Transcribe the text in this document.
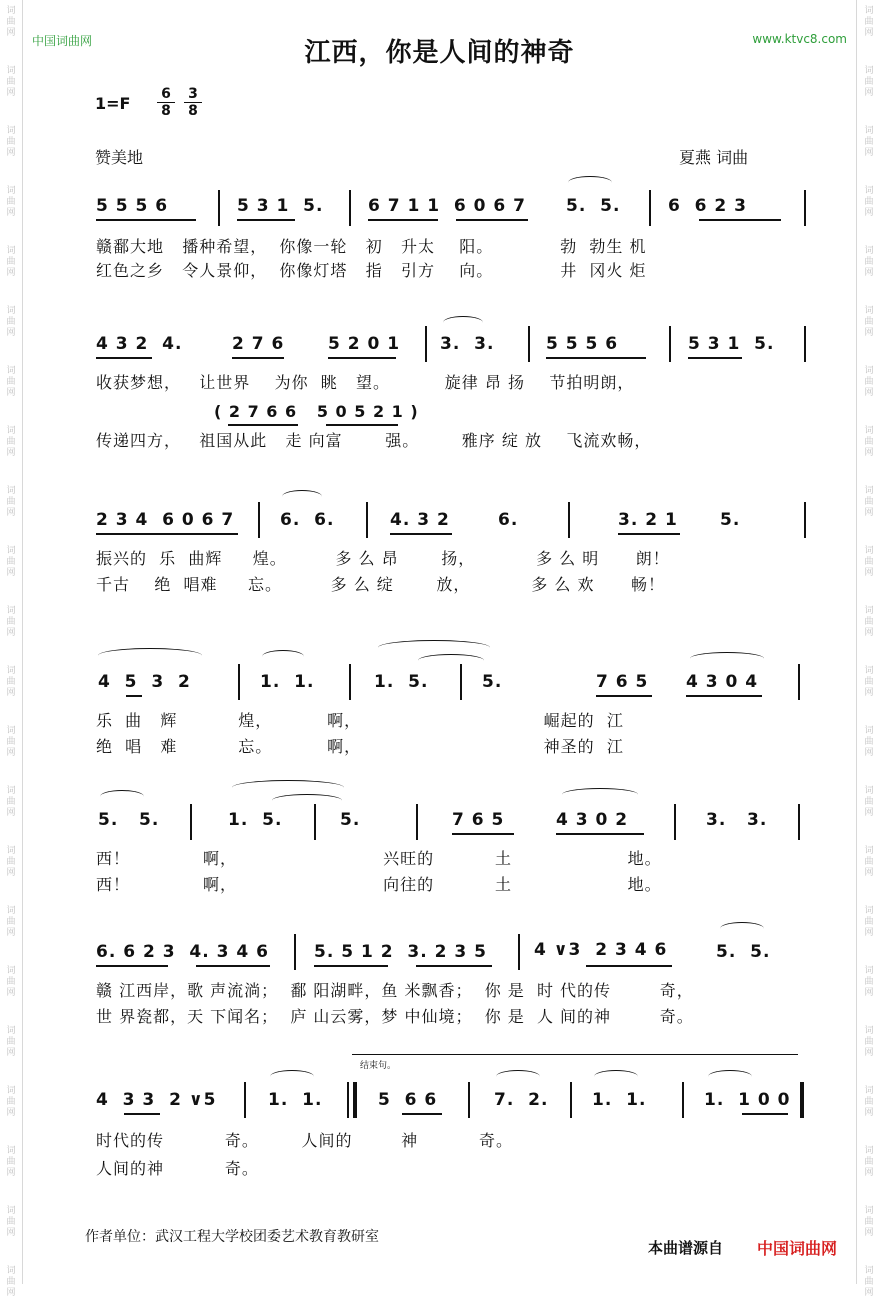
词
曲
网
词
曲
网
词
曲
网
词
曲
网
词
曲
网
词
曲
网
词
曲
网
词
曲
网
词
曲
网
词
曲
网
词
曲
网
词
曲
网
词
曲
网
词
曲
网
词
曲
网
词
曲
网
词
曲
网
词
曲
网
词
曲
网
词
曲
网
词
曲
网
词
曲
网
词
曲
网
词
曲
网
词
曲
网
词
曲
网
词
曲
网
词
曲
网
词
曲
网
词
曲
网
词
曲
网
词
曲
网
词
曲
网
词
曲
网
词
曲
网
词
曲
网
词
曲
网
词
曲
网
词
曲
网
词
曲
网
词
曲
网
词
曲
网
词
曲
网
词
曲
网
中国词曲网	www.ktvc8.com
江西，你是人间的神奇
1=F 6
8
3
8
赞美地	夏燕 词曲
5 5 5 6	5 3 1  5.	6 7 1 1  6 0 6 7 5.  5.	6  6 2 3
赣鄱大地   播种希望，  你像一轮   初   升太    阳。           勃  勃生 机
红色之乡   令人景仰，  你像灯塔   指   引方    向。           井  冈火 炬
4 3 2  4.	2 7 6	5 2 0 1 3.  3.	5 5 5 6	5 3 1  5.
收获梦想，   让世界    为你  眺   望。         旋律 昂 扬    节拍明朗，
( 2 7 6 6   5 0 5 2 1 )
传递四方，   祖国从此   走 向富       强。       雅序 绽 放    飞流欢畅，
2 3 4  6 0 6 7	6.  6.	4. 3 2	6.	3. 2 1 5.
振兴的  乐  曲辉     煌。        多 么 昂       扬，          多 么 明      朗！
千古    绝  唱难     忘。        多 么 绽       放，          多 么 欢      畅！
4  5  3  2	1.  1.	1.  5.	5.	7 6 5 4 3 0 4
乐  曲   辉          煌，         啊，                              崛起的  江
绝  唱   难          忘。         啊，                              神圣的  江
5.   5.	1.  5.	5.	7 6 5	4 3 0 2	3.   3.
西！            啊，                        兴旺的          土                   地。
西！            啊，                        向往的          土                   地。
6. 6 2 3  4. 3 4 6	5. 5 1 2  3. 2 3 5	4 ∨3  2 3 4 6	5.  5.
赣 江西岸，歌 声流淌；  鄱 阳湖畔，鱼 米飘香；  你 是  时 代的传        奇，
世 界瓷都，天 下闻名；  庐 山云雾，梦 中仙境；  你 是  人 间的神        奇。
结束句。
4  3 3  2 ∨5	1.  1.	5  6 6	7.  2.	1.  1.	1.  1 0 0
时代的传          奇。       人间的        神          奇。
人间的神          奇。
作者单位：武汉工程大学校团委艺术教育教研室
本曲谱源自 中国词曲网
